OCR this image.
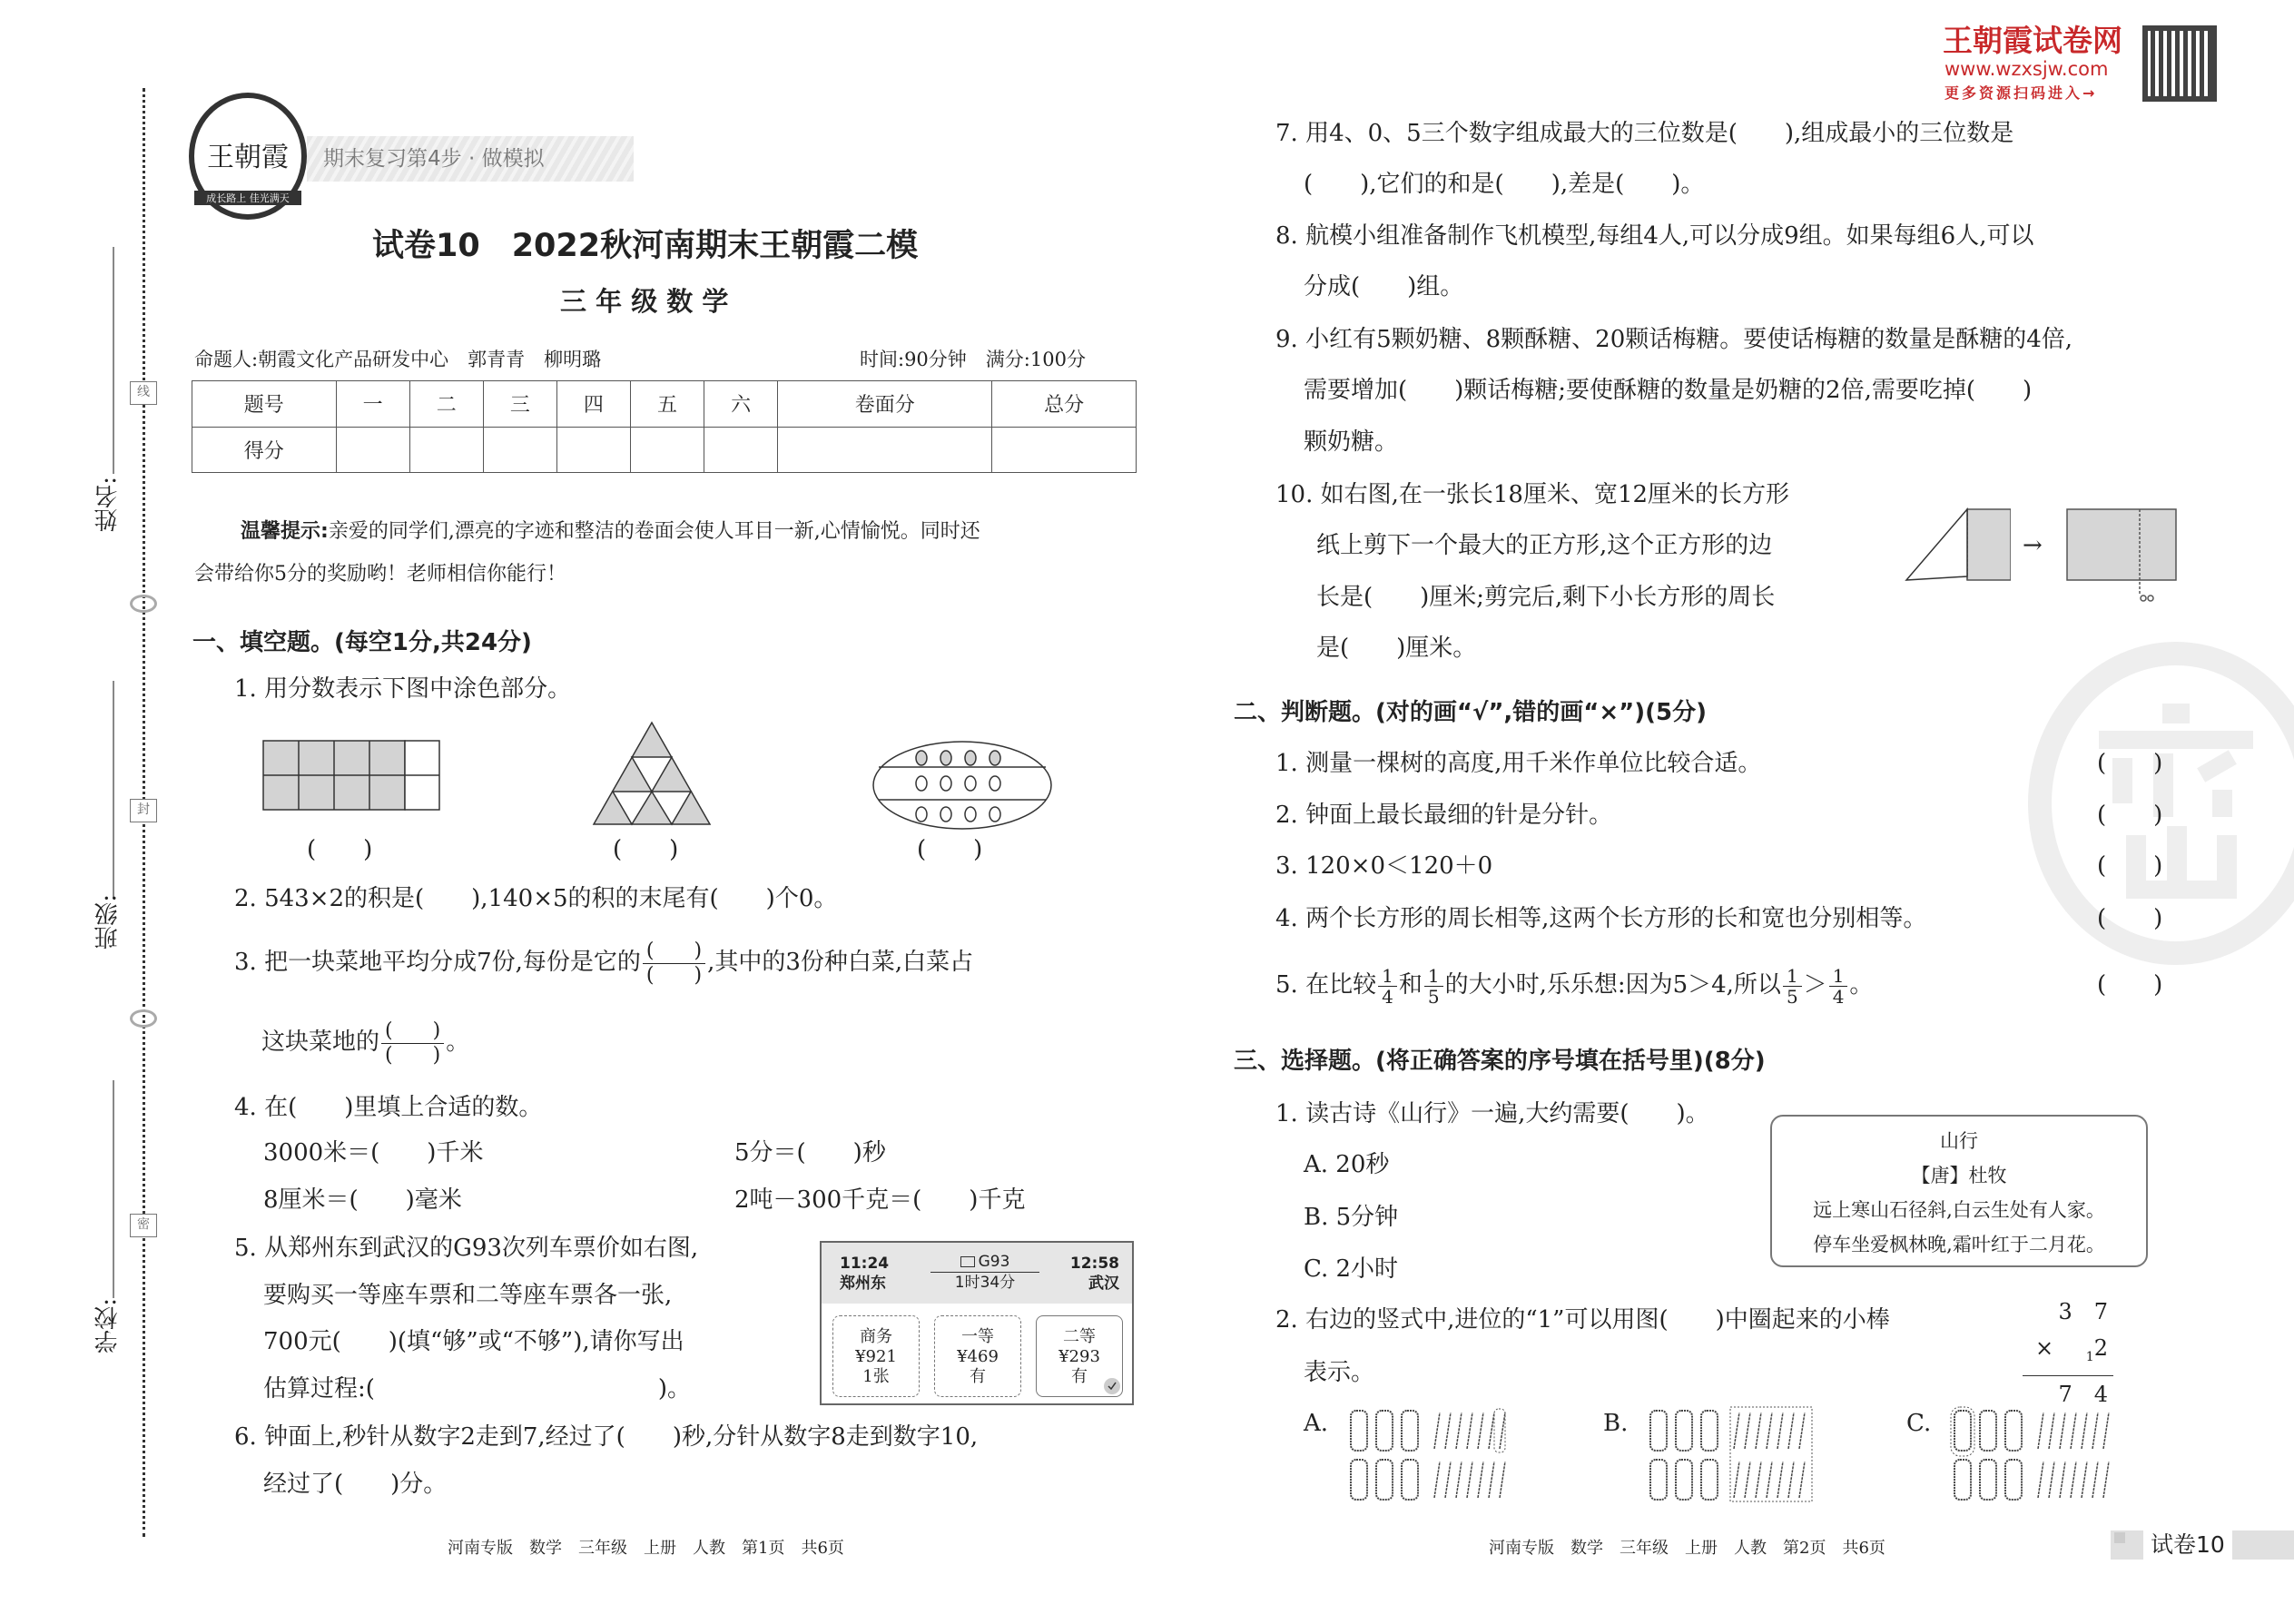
线
封
密
姓名:
班级:
学校:
王朝霞
成长路上 佳光满天
期末复习第4步 · 做模拟
试卷10　2022秋河南期末王朝霞二模
三 年 级 数 学
命题人:朝霞文化产品研发中心　郭青青　柳明璐	时间:90分钟　满分:100分
题号	一	二	三	四	五	六	卷面分	总分
得分								
温馨提示:亲爱的同学们,漂亮的字迹和整洁的卷面会使人耳目一新,心情愉悦。同时还
会带给你5分的奖励哟！老师相信你能行！
一、填空题。(每空1分,共24分)
1. 用分数表示下图中涂色部分。
(　　)	(　　)	(　　)
2. 543×2的积是(　　),140×5的积的末尾有(　　)个0。
3. 把一块菜地平均分成7份,每份是它的 $\frac{( )}{( )}$ ,其中的3份种白菜,白菜占
这块菜地的 $\frac{( )}{( )}$ 。
4. 在(　　)里填上合适的数。
3000米＝(　　)千米	5分＝(　　)秒
8厘米＝(　　)毫米	2吨－300千克＝(　　)千克
5. 从郑州东到武汉的G93次列车票价如右图,
要购买一等座车票和二等座车票各一张,
700元(　　)(填“够”或“不够”),请你写出
估算过程:(　　　　　　　　　　　　)。
11:24
郑州东
G93
1时34分
12:58
武汉
商务
¥921
1张
一等
¥469
有
二等
¥293
有
6. 钟面上,秒针从数字2走到7,经过了(　　)秒,分针从数字8走到数字10,
经过了(　　)分。
河南专版　数学　三年级　上册　人教　第1页　共6页
王朝霞试卷网
www.wzxsjw.com
更多资源扫码进入→
7. 用4、0、5三个数字组成最大的三位数是(　　),组成最小的三位数是
(　　),它们的和是(　　),差是(　　)。
8. 航模小组准备制作飞机模型,每组4人,可以分成9组。如果每组6人,可以
分成(　　)组。
9. 小红有5颗奶糖、8颗酥糖、20颗话梅糖。要使话梅糖的数量是酥糖的4倍,
需要增加(　　)颗话梅糖;要使酥糖的数量是奶糖的2倍,需要吃掉(　　)
颗奶糖。
10. 如右图,在一张长18厘米、宽12厘米的长方形
纸上剪下一个最大的正方形,这个正方形的边
长是(　　)厘米;剪完后,剩下小长方形的周长
是(　　)厘米。
→
二、判断题。(对的画“√”,错的画“×”)(5分)
1. 测量一棵树的高度,用千米作单位比较合适。
2. 钟面上最长最细的针是分针。
3. 120×0＜120＋0
4. 两个长方形的周长相等,这两个长方形的长和宽也分别相等。
5. 在比较 $\frac{1}{4}$ 和 $\frac{1}{5}$ 的大小时,乐乐想:因为5＞4,所以 $\frac{1}{5} > \frac{1}{4}$ 。
(　　)
(　　)
(　　)
(　　)
(　　)
三、选择题。(将正确答案的序号填在括号里)(8分)
1. 读古诗《山行》一遍,大约需要(　　)。
A. 20秒
B. 5分钟
C. 2小时
山行
【唐】杜牧
远上寒山石径斜,白云生处有人家。
停车坐爱枫林晚,霜叶红于二月花。
2. 右边的竖式中,进位的“1”可以用图(　　)中圈起来的小棒
表示。
3　7
×	$_1$2
7　4
A.	B.	C.
河南专版　数学　三年级　上册　人教　第2页　共6页	试卷10
